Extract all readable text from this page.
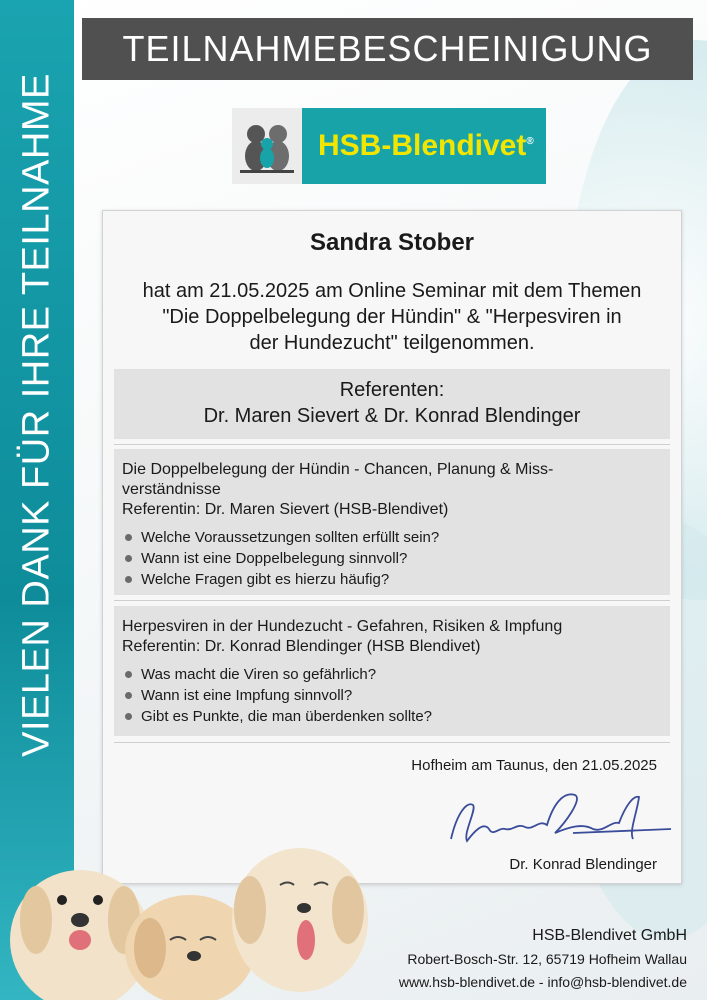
VIELEN DANK FÜR IHRE TEILNAHME
TEILNAHMEBESCHEINIGUNG
HSB-Blendivet®
Sandra Stober
hat am 21.05.2025 am Online Seminar mit dem Themen
"Die Doppelbelegung der Hündin" & "Herpesviren in
der Hundezucht" teilgenommen.
Referenten:
Dr. Maren Sievert & Dr. Konrad Blendinger
Die Doppelbelegung der Hündin - Chancen, Planung & Miss-
verständnisse
Referentin: Dr. Maren Sievert (HSB-Blendivet)
Welche Voraussetzungen sollten erfüllt sein?
Wann ist eine Doppelbelegung sinnvoll?
Welche Fragen gibt es hierzu häufig?
Herpesviren in der Hundezucht - Gefahren, Risiken & Impfung
Referentin: Dr. Konrad Blendinger (HSB Blendivet)
Was macht die Viren so gefährlich?
Wann ist eine Impfung sinnvoll?
Gibt es Punkte, die man überdenken sollte?
Hofheim am Taunus, den 21.05.2025
Dr. Konrad Blendinger
HSB-Blendivet GmbH
Robert-Bosch-Str. 12, 65719 Hofheim Wallau
www.hsb-blendivet.de - info@hsb-blendivet.de
